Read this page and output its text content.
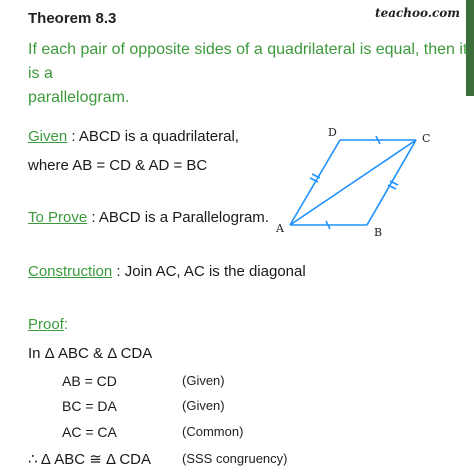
Theorem 8.3	teachoo.com
If each pair of opposite sides of a quadrilateral is equal, then it is a
parallelogram.
Given : ABCD is a quadrilateral,
where AB = CD & AD = BC
To Prove : ABCD is a Parallelogram.
Construction : Join AC, AC is the diagonal
Proof:
In Δ ABC & Δ CDA
AB = CD	(Given)
BC = DA	(Given)
AC = CA	(Common)
∴ Δ ABC ≅ Δ CDA (SSS congruency)
A	B
C
D
